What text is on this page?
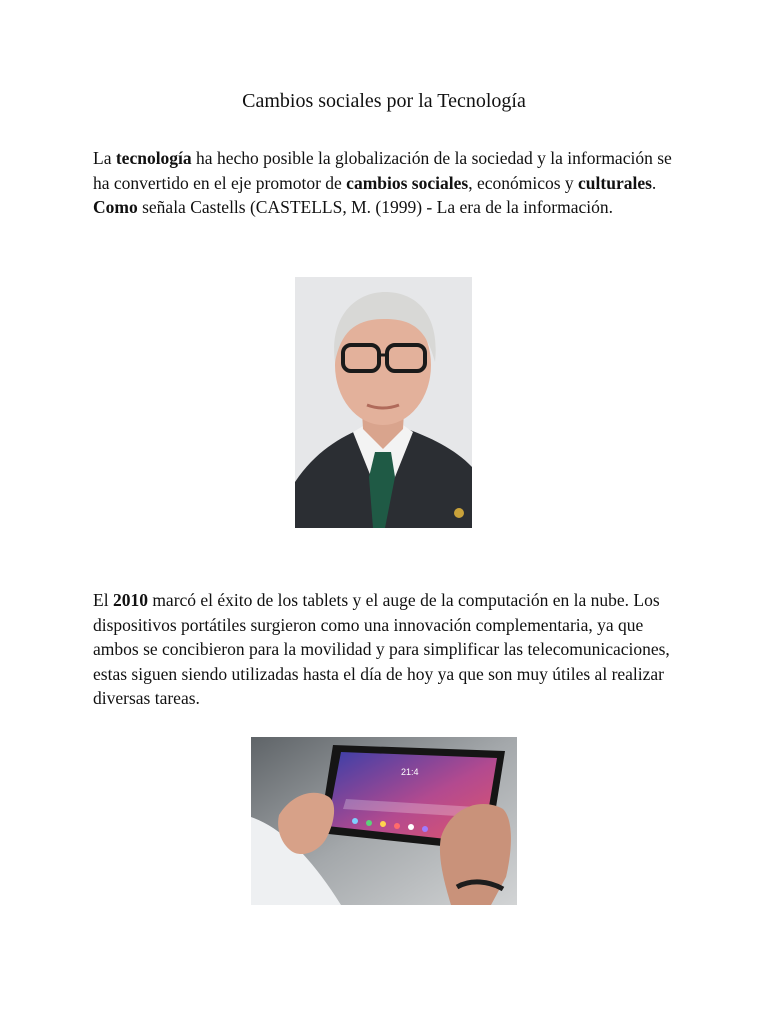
Cambios sociales por la Tecnología

La tecnología ha hecho posible la globalización de la sociedad y la información se ha convertido en el eje promotor de cambios sociales, económicos y culturales. Como señala Castells (CASTELLS, M. (1999) - La era de la información.

El 2010 marcó el éxito de los tablets y el auge de la computación en la nube. Los dispositivos portátiles surgieron como una innovación complementaria, ya que ambos se concibieron para la movilidad y para simplificar las telecomunicaciones, estas siguen siendo utilizadas hasta el día de hoy ya que son muy útiles al realizar diversas tareas.

21:4
